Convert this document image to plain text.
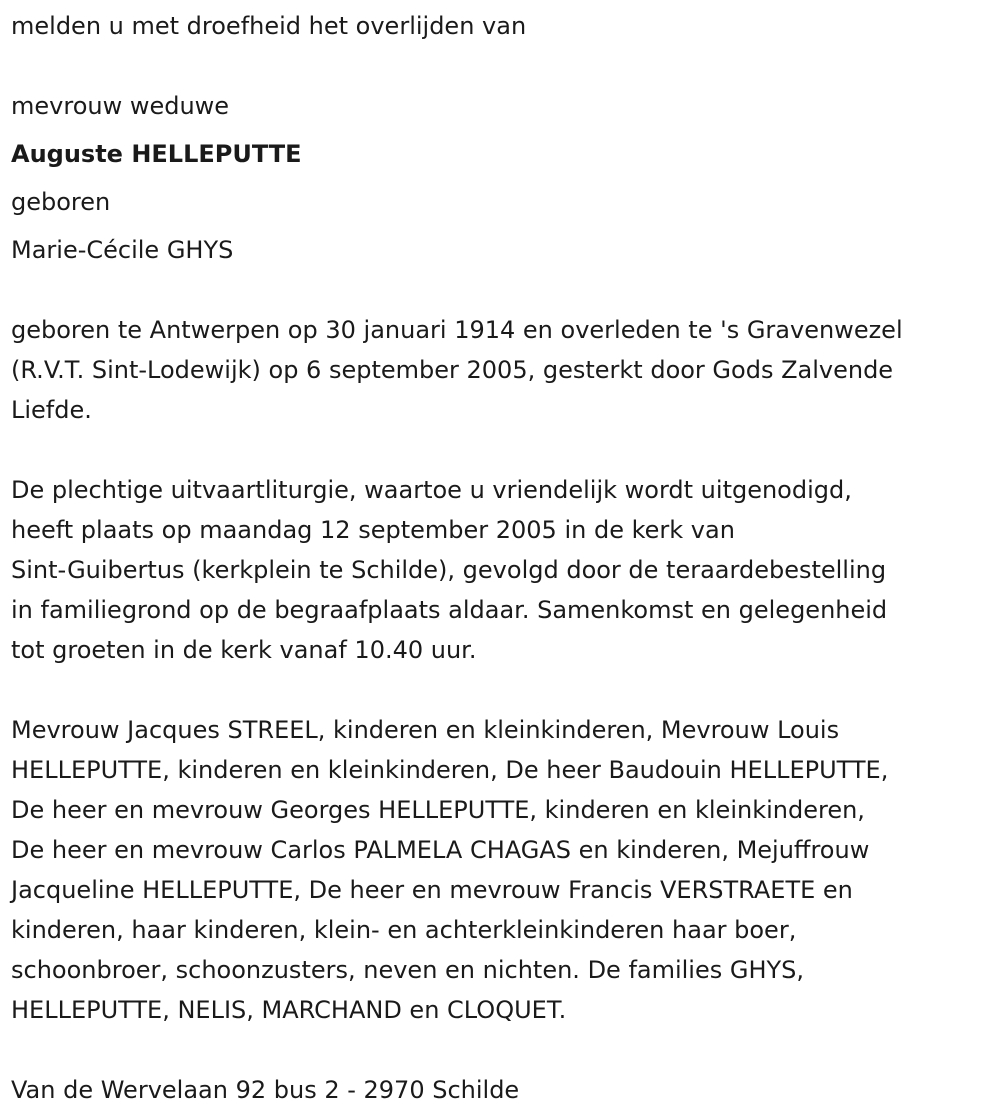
melden u met droefheid het overlijden van
mevrouw weduwe
Auguste HELLEPUTTE
geboren
Marie-Cécile GHYS
geboren te Antwerpen op 30 januari 1914 en overleden te 's Gravenwezel
(R.V.T. Sint-Lodewijk) op 6 september 2005, gesterkt door Gods Zalvende
Liefde.
De plechtige uitvaartliturgie, waartoe u vriendelijk wordt uitgenodigd,
heeft plaats op maandag 12 september 2005 in de kerk van
Sint-Guibertus (kerkplein te Schilde), gevolgd door de teraardebestelling
in familiegrond op de begraafplaats aldaar. Samenkomst en gelegenheid
tot groeten in de kerk vanaf 10.40 uur.
Mevrouw Jacques STREEL, kinderen en kleinkinderen, Mevrouw Louis
HELLEPUTTE, kinderen en kleinkinderen, De heer Baudouin HELLEPUTTE,
De heer en mevrouw Georges HELLEPUTTE, kinderen en kleinkinderen,
De heer en mevrouw Carlos PALMELA CHAGAS en kinderen, Mejuffrouw
Jacqueline HELLEPUTTE, De heer en mevrouw Francis VERSTRAETE en
kinderen, haar kinderen, klein- en achterkleinkinderen haar boer,
schoonbroer, schoonzusters, neven en nichten. De families GHYS,
HELLEPUTTE, NELIS, MARCHAND en CLOQUET.
Van de Wervelaan 92 bus 2 - 2970 Schilde
